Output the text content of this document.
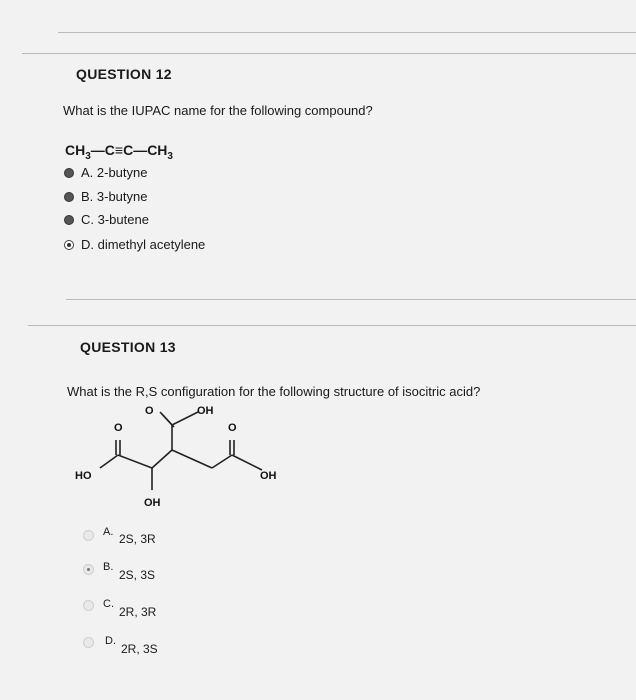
QUESTION 12
What is the IUPAC name for the following compound?
$CH_3—C\equiv C—CH_3$
A. 2-butyne
B. 3-butyne
C. 3-butene
D. dimethyl acetylene
QUESTION 13
What is the R,S configuration for the following structure of isocitric acid?
O	OH
O	O
HO	OH
OH
A. 2S, 3R
B.
2S, 3S
C.
2R, 3R
D.
2R, 3S
